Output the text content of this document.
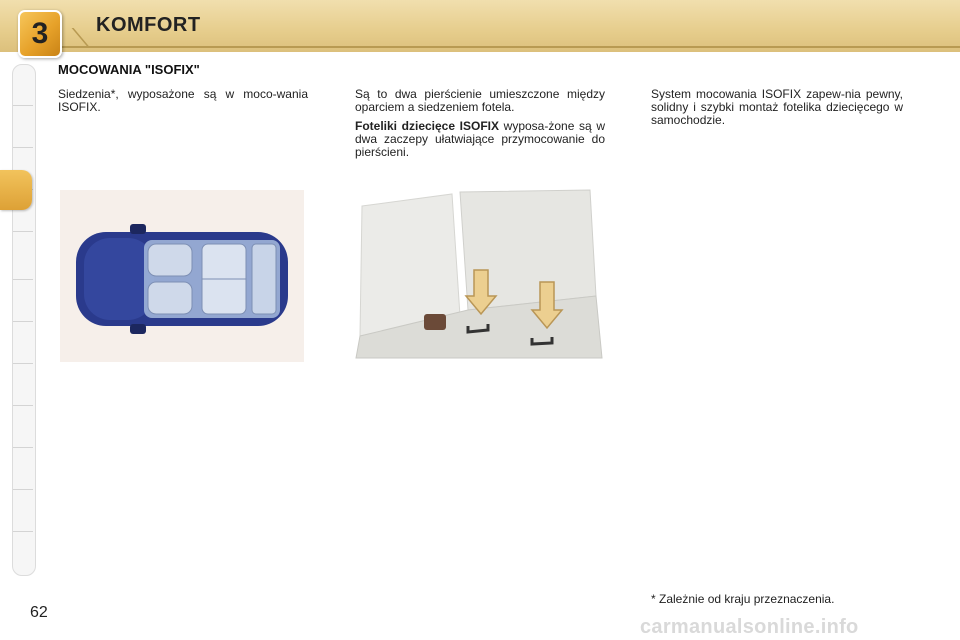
3	KOMFORT
MOCOWANIA "ISOFIX"

Siedzenia*, wyposażone są w moco-wania ISOFIX.

Są to dwa pierścienie umieszczone między oparciem a siedzeniem fotela.

Foteliki dziecięce ISOFIX wyposa-żone są w dwa zaczepy ułatwiające przymocowanie do pierścieni.

System mocowania ISOFIX zapew-nia pewny, solidny i szybki montaż fotelika dziecięcego w samochodzie.

* Zależnie od kraju przeznaczenia.
62
carmanualsonline.info
